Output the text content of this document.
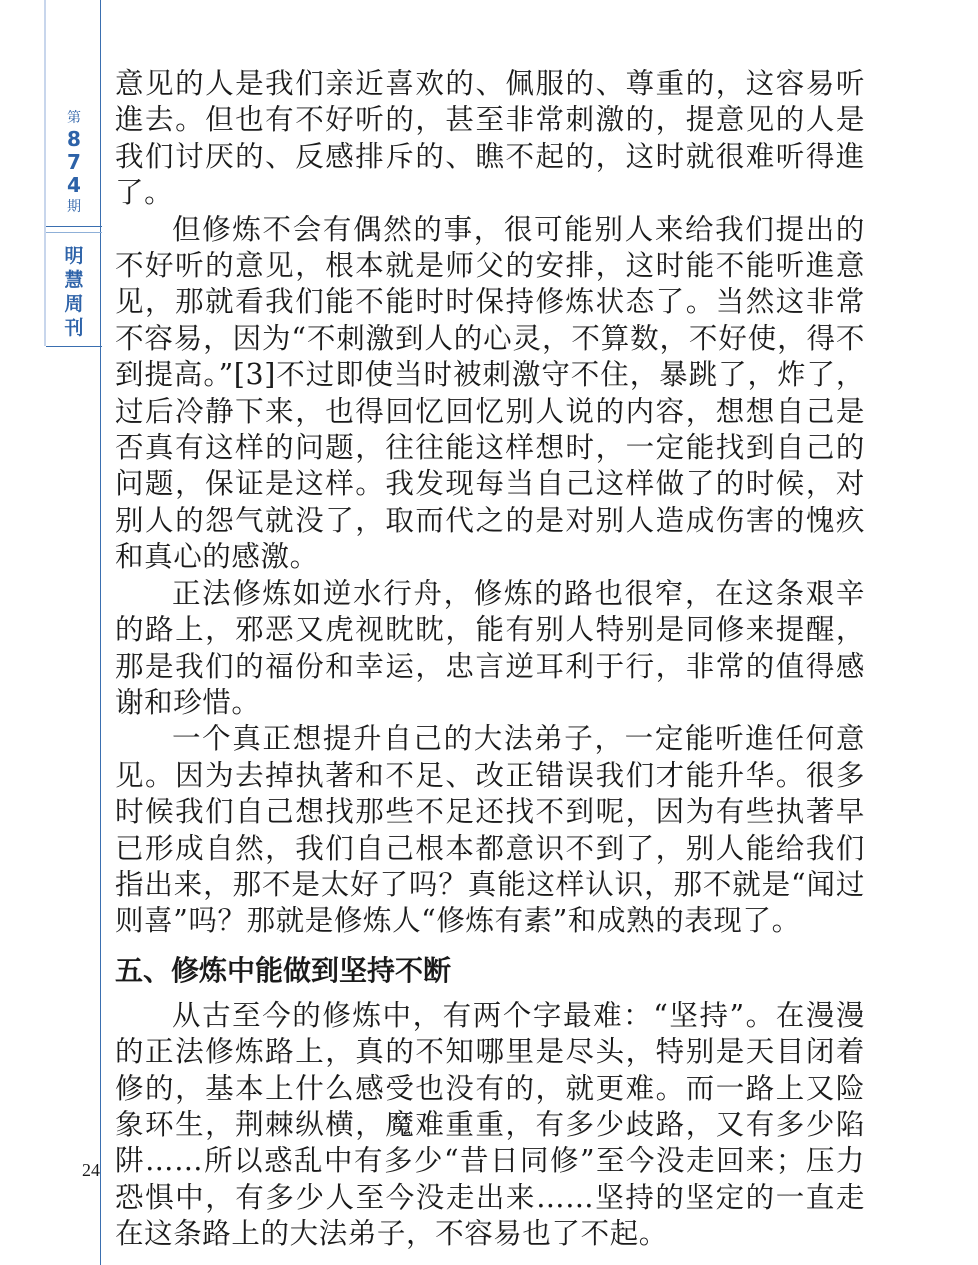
第
8
7
4
期
明
慧
周
刊
24

意见的人是我们亲近喜欢的、佩服的、尊重的，这容易听進去。但也有不好听的，甚至非常刺激的，提意见的人是我们讨厌的、反感排斥的、瞧不起的，这时就很难听得進了。

但修炼不会有偶然的事，很可能别人来给我们提出的不好听的意见，根本就是师父的安排，这时能不能听進意见，那就看我们能不能时时保持修炼状态了。当然这非常不容易，因为“不刺激到人的心灵，不算数，不好使，得不到提高。”[3]不过即使当时被刺激守不住，暴跳了，炸了，过后冷静下来，也得回忆回忆别人说的内容，想想自己是否真有这样的问题，往往能这样想时，一定能找到自己的问题，保证是这样。我发现每当自己这样做了的时候，对别人的怨气就没了，取而代之的是对别人造成伤害的愧疚和真心的感激。

正法修炼如逆水行舟，修炼的路也很窄，在这条艰辛的路上，邪恶又虎视眈眈，能有别人特别是同修来提醒，那是我们的福份和幸运，忠言逆耳利于行，非常的值得感谢和珍惜。

一个真正想提升自己的大法弟子，一定能听進任何意见。因为去掉执著和不足、改正错误我们才能升华。很多时候我们自己想找那些不足还找不到呢，因为有些执著早已形成自然，我们自己根本都意识不到了，别人能给我们指出来，那不是太好了吗？真能这样认识，那不就是“闻过则喜”吗？那就是修炼人“修炼有素”和成熟的表现了。

五、修炼中能做到坚持不断

从古至今的修炼中，有两个字最难：“坚持”。在漫漫的正法修炼路上，真的不知哪里是尽头，特别是天目闭着修的，基本上什么感受也没有的，就更难。而一路上又险象环生，荆棘纵横，魔难重重，有多少歧路，又有多少陷阱……所以惑乱中有多少“昔日同修”至今没走回来；压力恐惧中，有多少人至今没走出来……坚持的坚定的一直走在这条路上的大法弟子，不容易也了不起。
